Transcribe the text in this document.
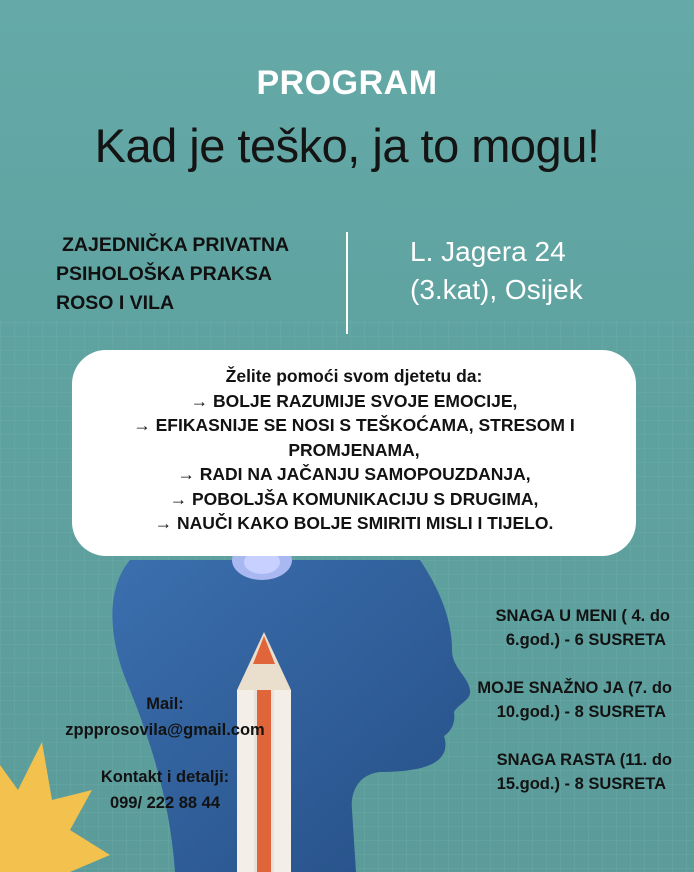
PROGRAM
Kad je teško, ja to mogu!
ZAJEDNIČKA PRIVATNA
PSIHOLOŠKA PRAKSA
ROSO I VILA
L. Jagera 24
(3.kat), Osijek
Želite pomoći svom djetetu da:
→ BOLJE RAZUMIJE SVOJE EMOCIJE,
→ EFIKASNIJE SE NOSI S TEŠKOĆAMA, STRESOM I
PROMJENAMA,
→ RADI NA JAČANJU SAMOPOUZDANJA,
→ POBOLJŠA KOMUNIKACIJU S DRUGIMA,
→ NAUČI KAKO BOLJE SMIRITI MISLI I TIJELO.
SNAGA U MENI ( 4. do
6.god.) - 6 SUSRETA
MOJE SNAŽNO JA (7. do
10.god.) - 8 SUSRETA
SNAGA RASTA (11. do
15.god.) - 8 SUSRETA
Mail:
zppprosovila@gmail.com
Kontakt i detalji:
099/ 222 88 44
